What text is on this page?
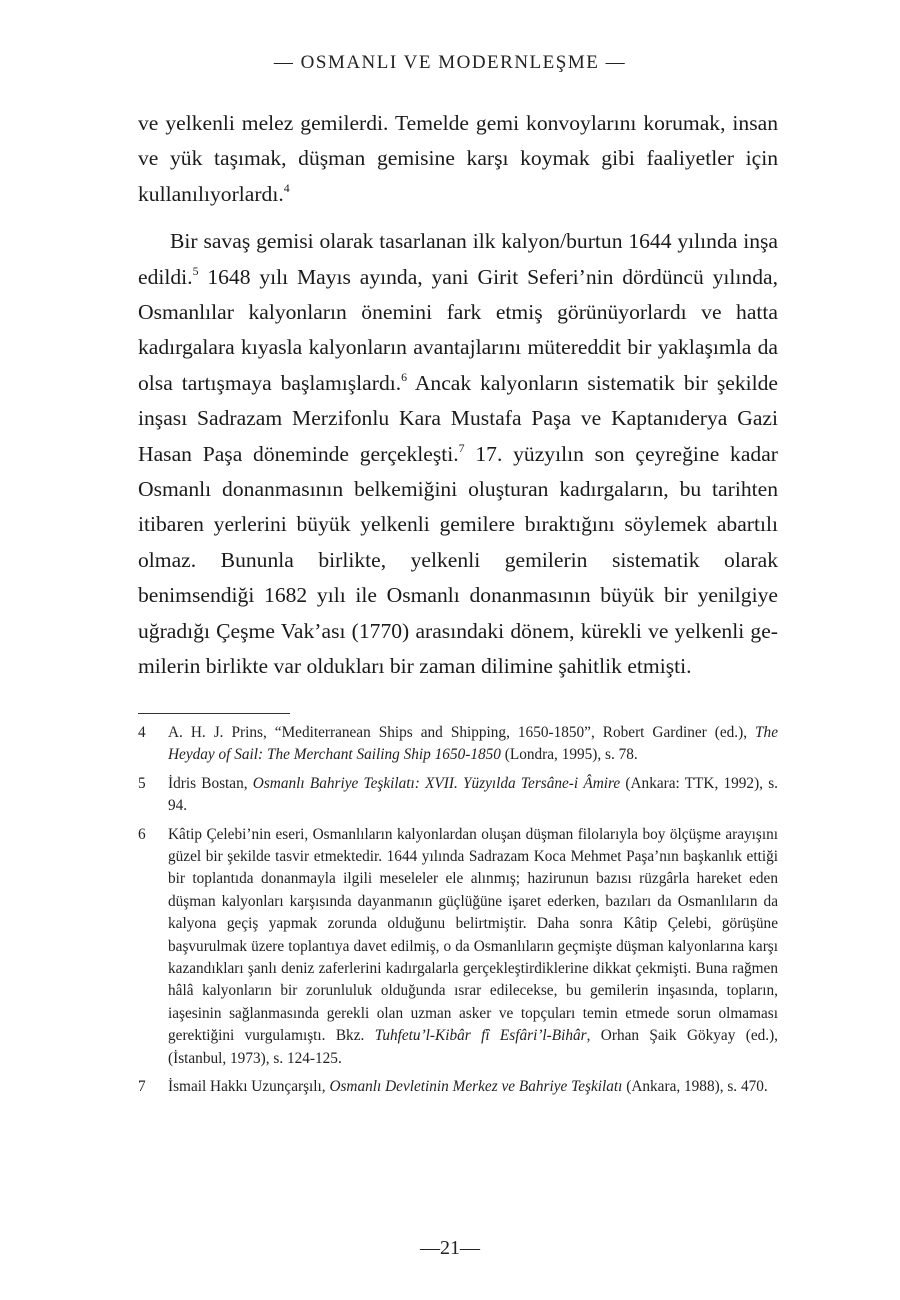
— OSMANLI VE MODERNLEŞME —

ve yelkenli melez gemilerdi. Temelde gemi konvoylarını korumak, insan ve yük taşımak, düşman gemisine karşı koymak gibi faaliyetler için kullanılıyorlardı.$^4$

Bir savaş gemisi olarak tasarlanan ilk kalyon/burtun 1644 yılında inşa edildi.$^5$ 1648 yılı Mayıs ayında, yani Girit Seferi’nin dördüncü yılında, Osmanlılar kalyonların önemini fark etmiş görünüyorlardı ve hatta kadırgalara kıyasla kalyonların avantajlarını mütereddit bir yaklaşımla da olsa tartışmaya başlamışlardı.$^6$ Ancak kalyonların sistematik bir şekilde inşası Sadrazam Merzifonlu Kara Mustafa Paşa ve Kaptanıderya Gazi Hasan Paşa döneminde gerçekleşti.$^7$ 17. yüzyılın son çeyreğine kadar Osmanlı donanmasının belkemiğini oluşturan kadırgaların, bu tarihten itibaren yerlerini büyük yelkenli gemilere bıraktığını söylemek abartılı olmaz. Bununla birlikte, yelkenli gemilerin sistematik olarak benimsendiği 1682 yılı ile Osmanlı donanmasının büyük bir yenilgiye uğradığı Çeşme Vak’ası (1770) arasındaki dönem, kürekli ve yelkenli gemilerin birlikte var oldukları bir zaman dilimine şahitlik etmişti.

4	A. H. J. Prins, “Mediterranean Ships and Shipping, 1650-1850”, Robert Gardiner (ed.), The Heyday of Sail: The Merchant Sailing Ship 1650-1850 (Londra, 1995), s. 78.
5	İdris Bostan, Osmanlı Bahriye Teşkilatı: XVII. Yüzyılda Tersâne-i Âmire (Ankara: TTK, 1992), s. 94.
6	Kâtip Çelebi’nin eseri, Osmanlıların kalyonlardan oluşan düşman filolarıyla boy ölçüşme arayışını güzel bir şekilde tasvir etmektedir. 1644 yılında Sadrazam Koca Mehmet Paşa’nın başkanlık ettiği bir toplantıda donanmayla ilgili meseleler ele alınmış; hazirunun bazısı rüzgârla hareket eden düşman kalyonları karşısında dayanmanın güçlüğüne işaret ederken, bazıları da Osmanlıların da kalyona geçiş yapmak zorunda olduğunu belirtmiştir. Daha sonra Kâtip Çelebi, görüşüne başvurulmak üzere toplantıya davet edilmiş, o da Osmanlıların geçmişte düşman kalyonlarına karşı kazandıkları şanlı deniz zaferlerini kadırgalarla gerçekleştirdiklerine dikkat çekmişti. Buna rağmen hâlâ kalyonların bir zorunluluk olduğunda ısrar edilecekse, bu gemilerin inşasında, topların, iaşesinin sağlanmasında gerekli olan uzman asker ve topçuları temin etmede sorun olmaması gerektiğini vurgulamıştı. Bkz. Tuhfetu’l-Kibâr fî Esfâri’l-Bihâr, Orhan Şaik Gökyay (ed.), (İstanbul, 1973), s. 124-125.
7	İsmail Hakkı Uzunçarşılı, Osmanlı Devletinin Merkez ve Bahriye Teşkilatı (Ankara, 1988), s. 470.
—21—
